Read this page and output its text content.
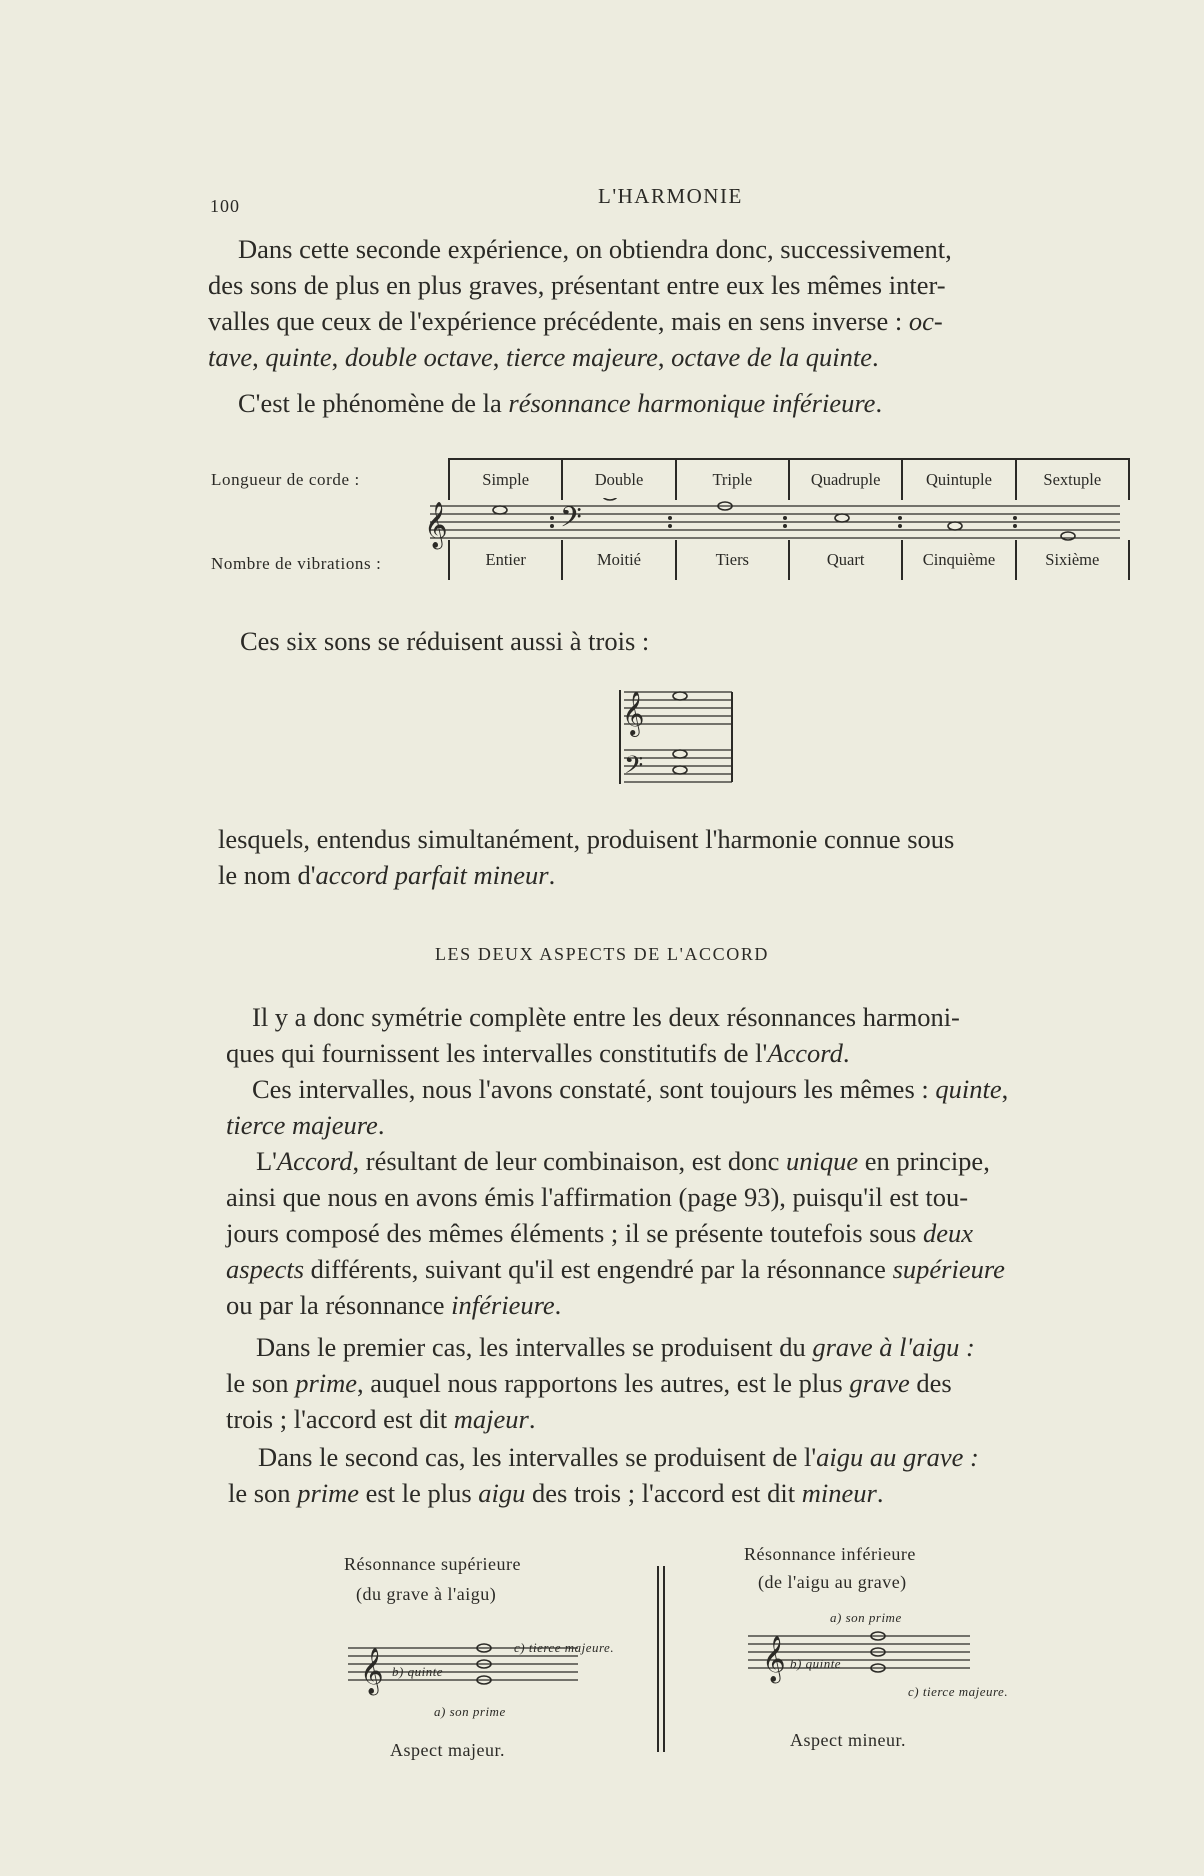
100	L'HARMONIE
Dans cette seconde expérience, on obtiendra donc, successivement,
des sons de plus en plus graves, présentant entre eux les mêmes inter-
valles que ceux de l'expérience précédente, mais en sens inverse : oc-
tave, quinte, double octave, tierce majeure, octave de la quinte.
C'est le phénomène de la résonnance harmonique inférieure.
Longueur de corde :
Nombre de vibrations :
Simple	Double	Triple	Quadruple	Quintuple	Sextuple
Entier	Moitié	Tiers	Quart	Cinquième	Sixième
𝄞	𝄢
Ces six sons se réduisent aussi à trois :
𝄞
𝄢
lesquels, entendus simultanément, produisent l'harmonie connue sous
le nom d'accord parfait mineur.
LES DEUX ASPECTS DE L'ACCORD
Il y a donc symétrie complète entre les deux résonnances harmoni-
ques qui fournissent les intervalles constitutifs de l'Accord.
Ces intervalles, nous l'avons constaté, sont toujours les mêmes : quinte,
tierce majeure.
L'Accord, résultant de leur combinaison, est donc unique en principe,
ainsi que nous en avons émis l'affirmation (page 93), puisqu'il est tou-
jours composé des mêmes éléments ; il se présente toutefois sous deux
aspects différents, suivant qu'il est engendré par la résonnance supérieure
ou par la résonnance inférieure.
Dans le premier cas, les intervalles se produisent du grave à l'aigu :
le son prime, auquel nous rapportons les autres, est le plus grave des
trois ; l'accord est dit majeur.
Dans le second cas, les intervalles se produisent de l'aigu au grave :
le son prime est le plus aigu des trois ; l'accord est dit mineur.
Résonnance supérieure
(du grave à l'aigu)
𝄞
c) tierce majeure.
b) quinte
a) son prime
Aspect majeur.
Résonnance inférieure
(de l'aigu au grave)
a) son prime
𝄞 b) quinte
c) tierce majeure.
Aspect mineur.
